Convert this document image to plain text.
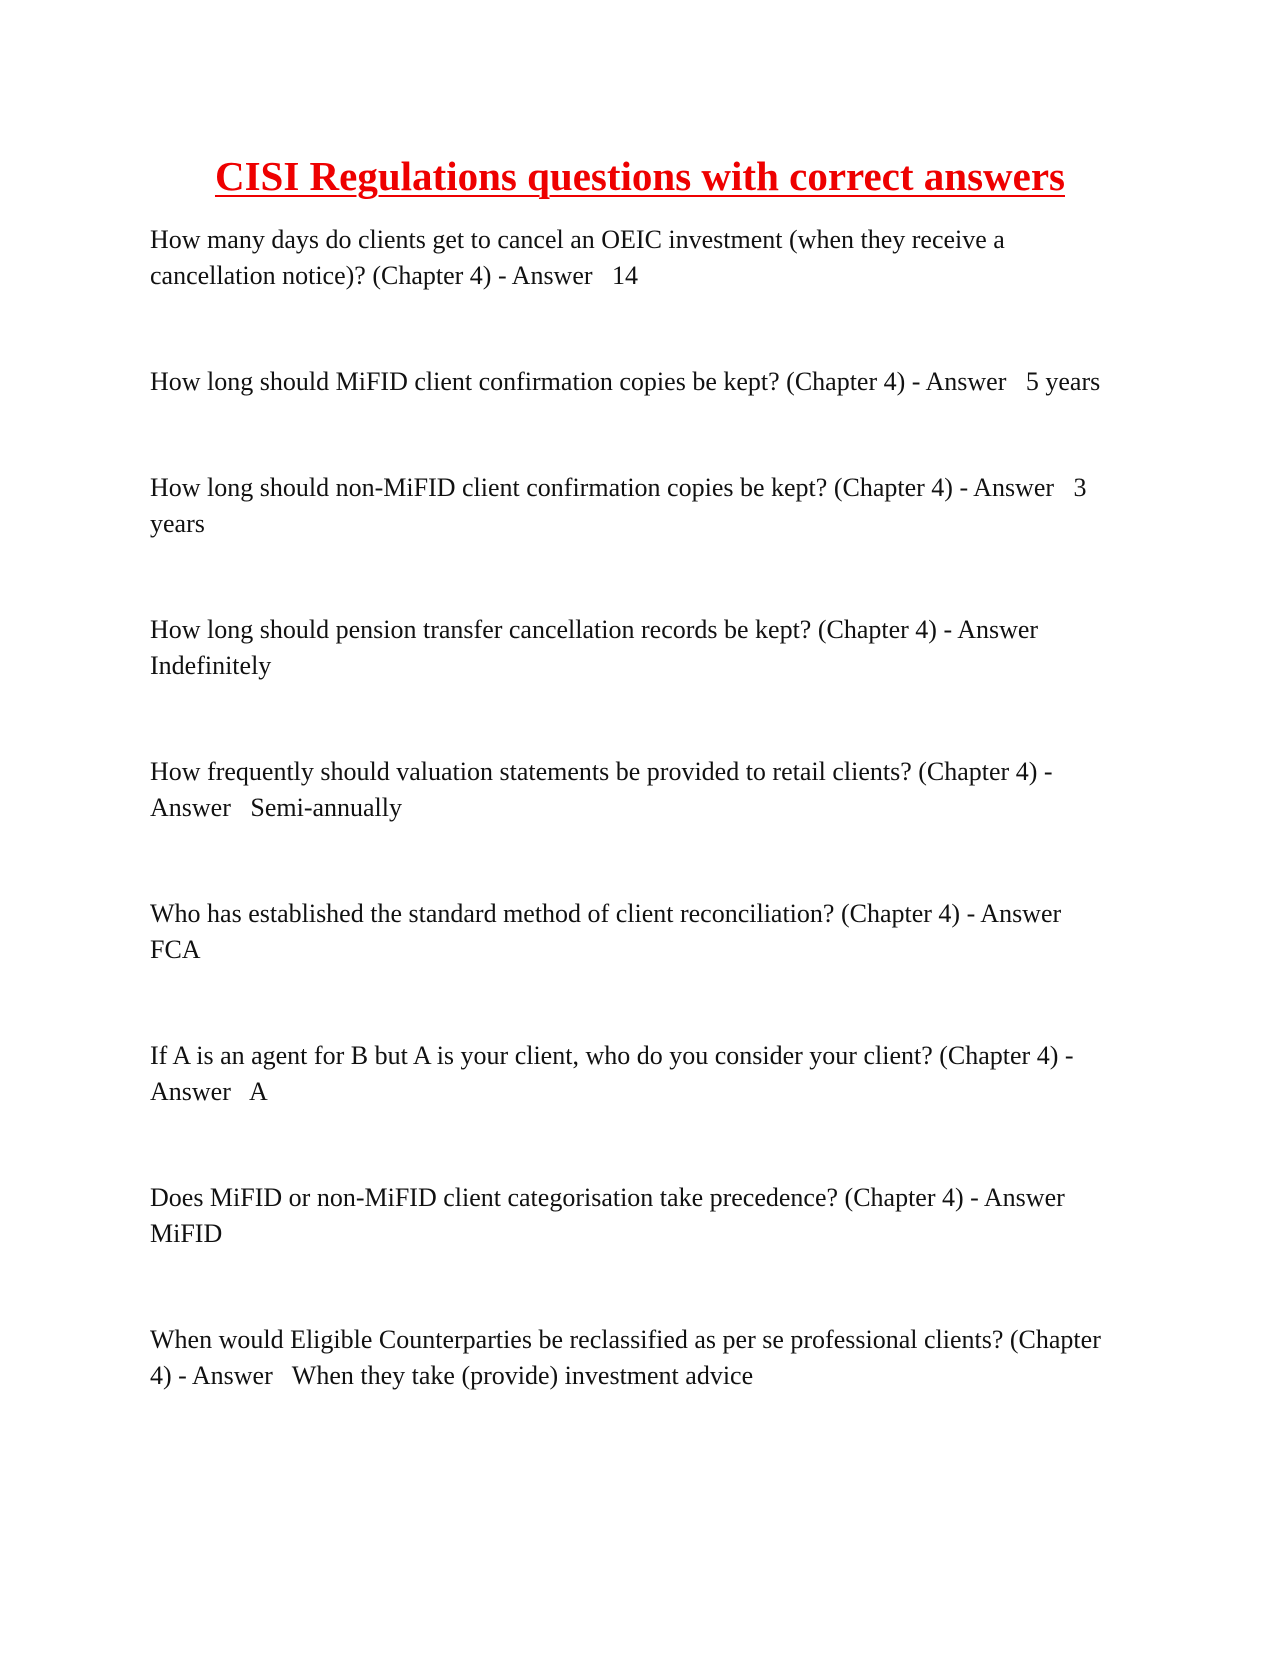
CISI Regulations questions with correct answers

How many days do clients get to cancel an OEIC investment (when they receive a cancellation notice)? (Chapter 4) - Answer 14

How long should MiFID client confirmation copies be kept? (Chapter 4) - Answer 5 years

How long should non-MiFID client confirmation copies be kept? (Chapter 4) - Answer 3 years

How long should pension transfer cancellation records be kept? (Chapter 4) - Answer   Indefinitely

How frequently should valuation statements be provided to retail clients? (Chapter 4) - Answer Semi-annually

Who has established the standard method of client reconciliation? (Chapter 4) - Answer   FCA

If A is an agent for B but A is your client, who do you consider your client? (Chapter 4) - Answer A

Does MiFID or non-MiFID client categorisation take precedence? (Chapter 4) - Answer   MiFID

When would Eligible Counterparties be reclassified as per se professional clients? (Chapter 4) - Answer When they take (provide) investment advice
